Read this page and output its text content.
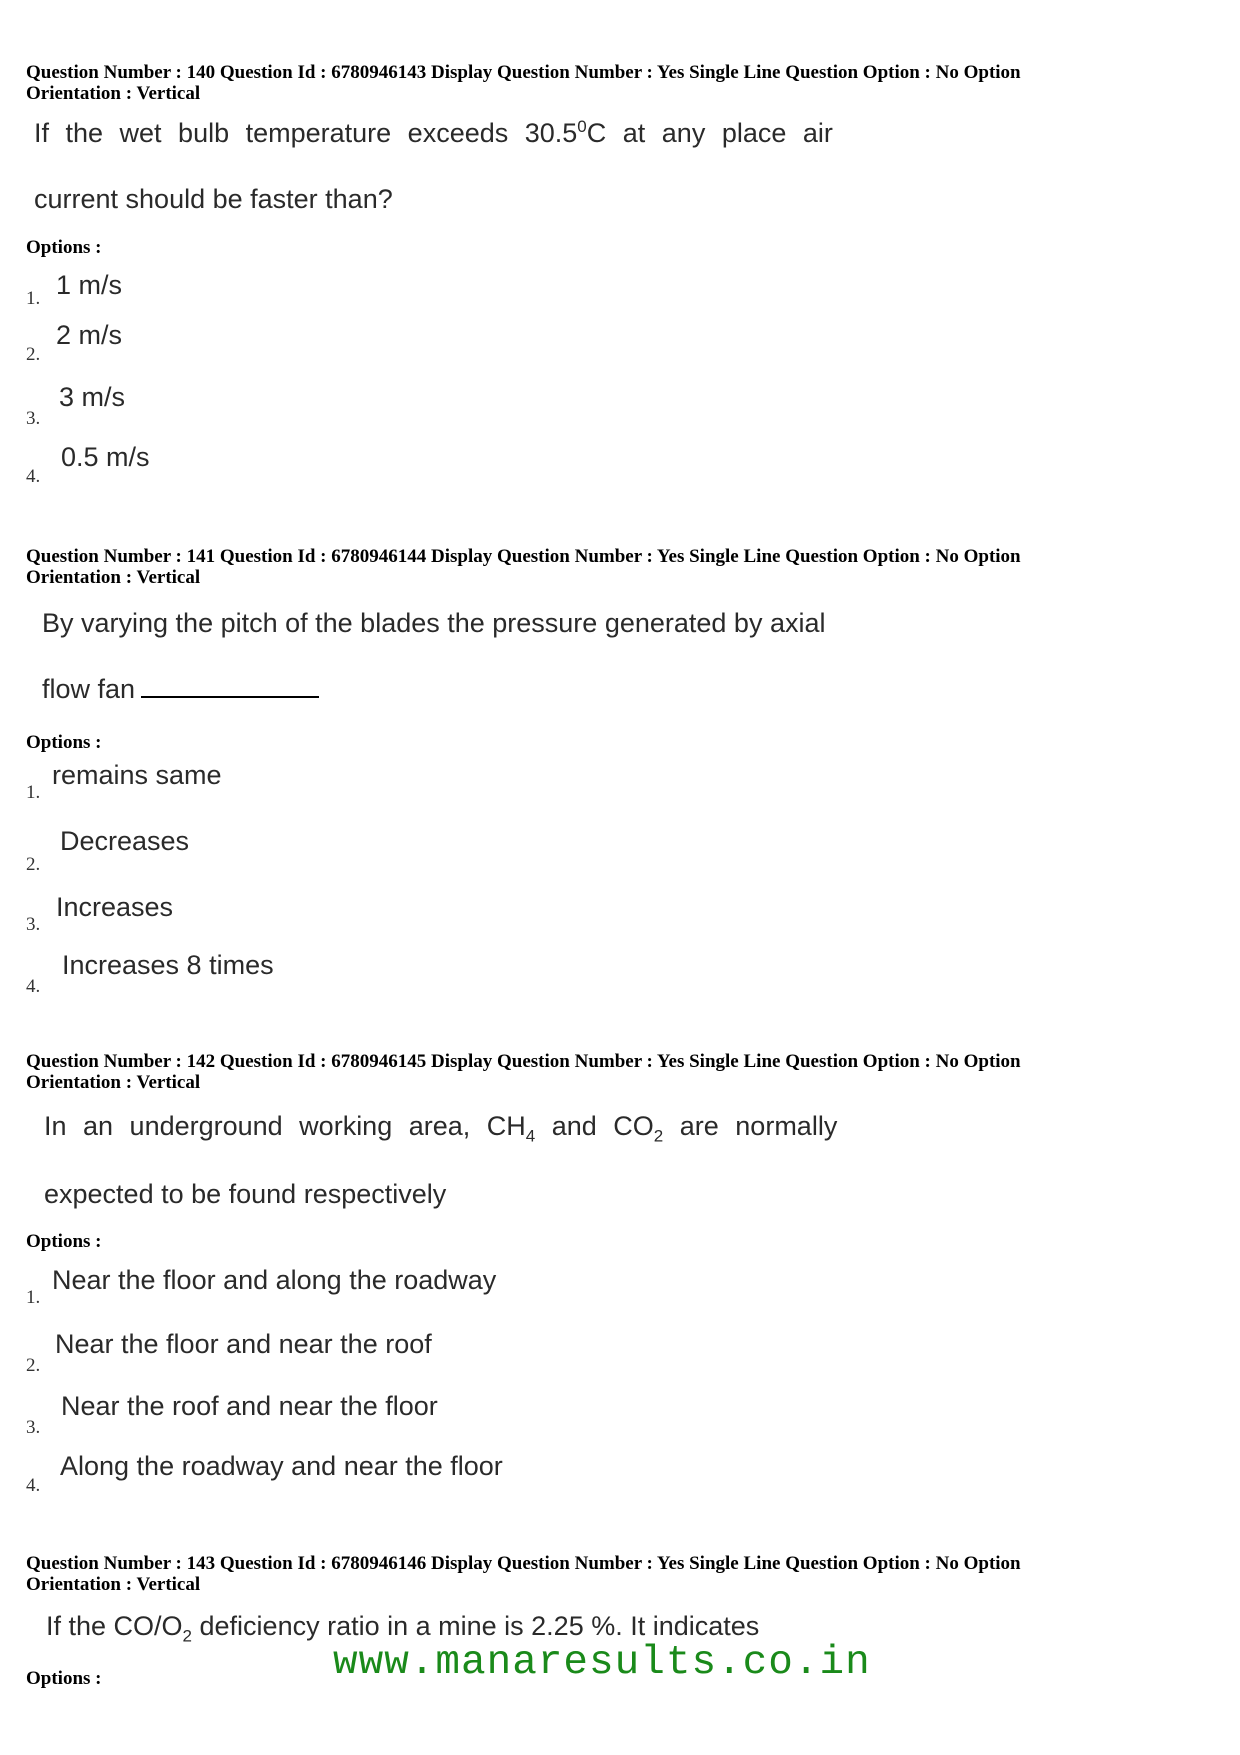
Question Number : 140 Question Id : 6780946143 Display Question Number : Yes Single Line Question Option : No Option
Orientation : Vertical

If the wet bulb temperature exceeds 30.5$^0$C at any place air
current should be faster than?
Options :
1. 1 m/s
2.
2 m/s
3.
3 m/s
4.
0.5 m/s

Question Number : 141 Question Id : 6780946144 Display Question Number : Yes Single Line Question Option : No Option
Orientation : Vertical

By varying the pitch of the blades the pressure generated by axial
flow fan
Options :
1.
remains same
2.
Decreases
3.
Increases
4.
Increases 8 times

Question Number : 142 Question Id : 6780946145 Display Question Number : Yes Single Line Question Option : No Option
Orientation : Vertical

In an underground working area, $CH_4$ and $CO_2$ are normally
expected to be found respectively
Options :
1.
Near the floor and along the roadway
2.
Near the floor and near the roof
3.
Near the roof and near the floor
4.
Along the roadway and near the floor

Question Number : 143 Question Id : 6780946146 Display Question Number : Yes Single Line Question Option : No Option
Orientation : Vertical

If the $CO/O_2$ deficiency ratio in a mine is 2.25 %. It indicates
Options :	www.manaresults.co.in
